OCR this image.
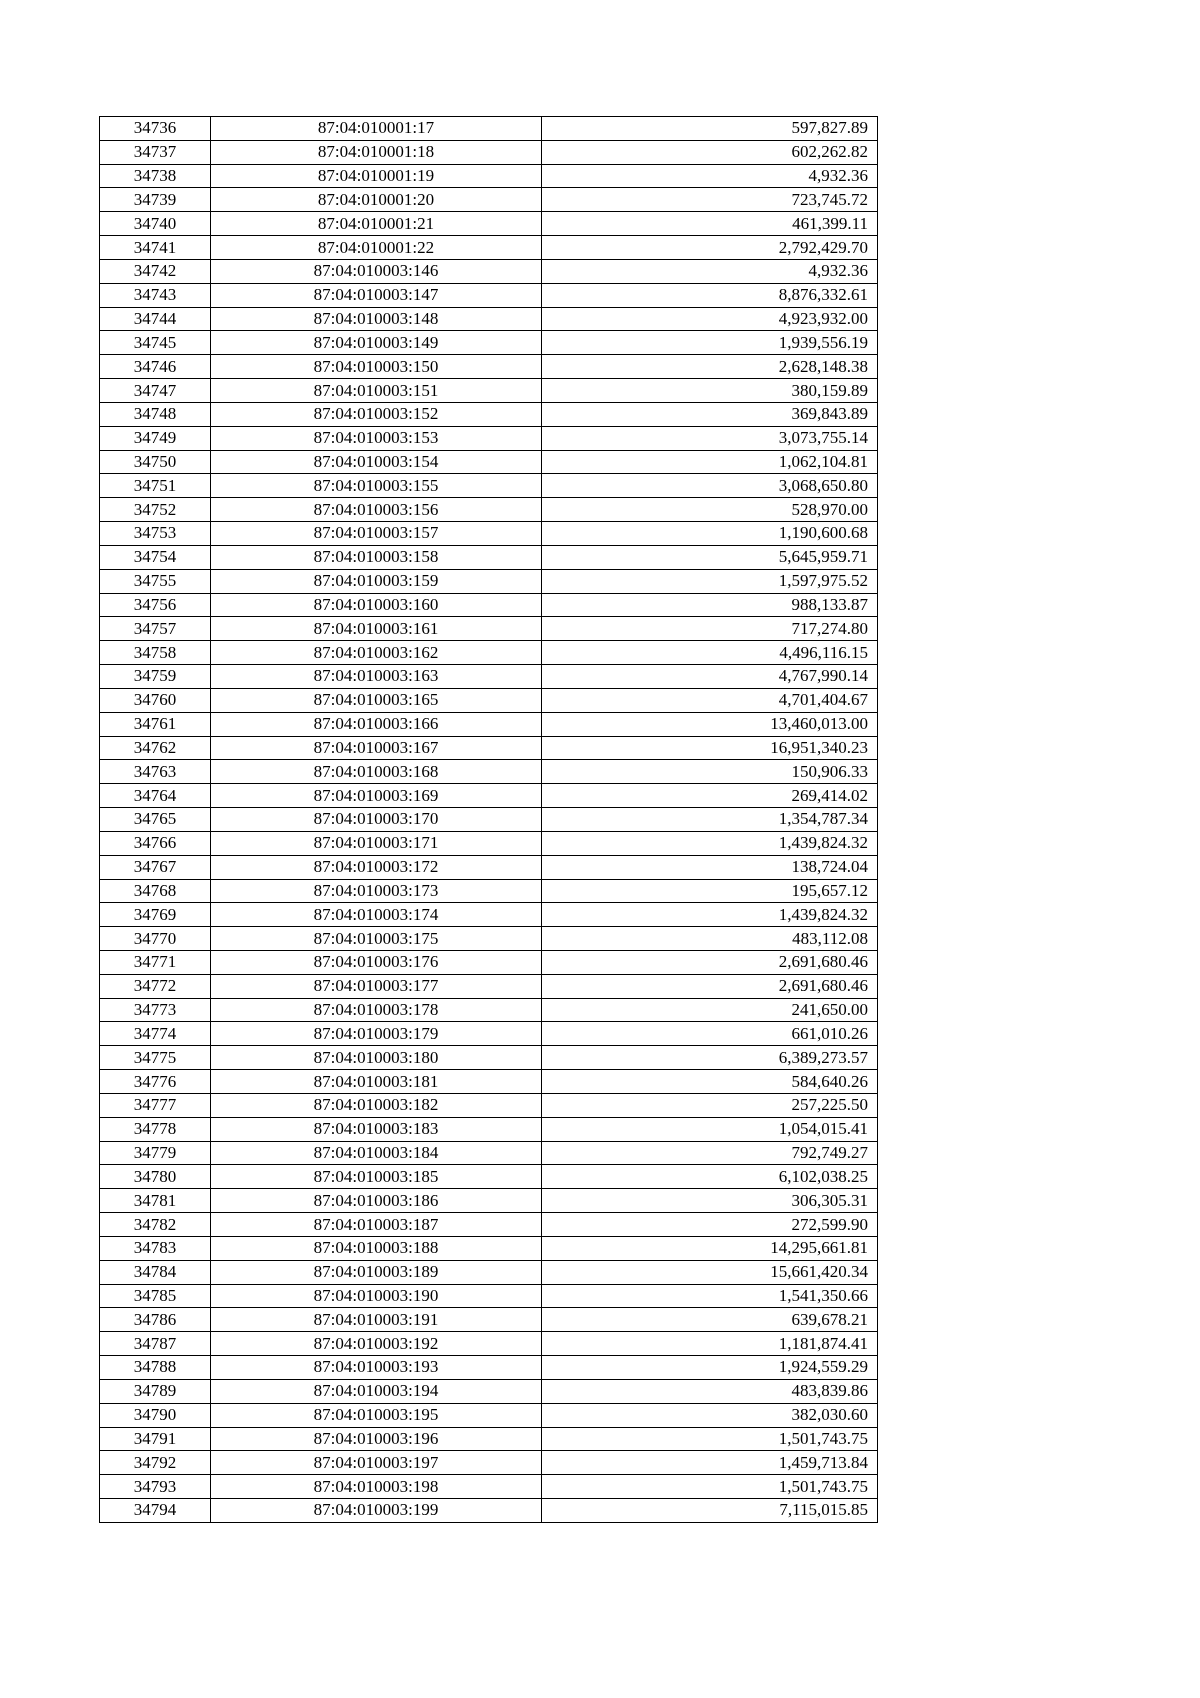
34736	87:04:010001:17	597,827.89
34737	87:04:010001:18	602,262.82
34738	87:04:010001:19	4,932.36
34739	87:04:010001:20	723,745.72
34740	87:04:010001:21	461,399.11
34741	87:04:010001:22	2,792,429.70
34742	87:04:010003:146	4,932.36
34743	87:04:010003:147	8,876,332.61
34744	87:04:010003:148	4,923,932.00
34745	87:04:010003:149	1,939,556.19
34746	87:04:010003:150	2,628,148.38
34747	87:04:010003:151	380,159.89
34748	87:04:010003:152	369,843.89
34749	87:04:010003:153	3,073,755.14
34750	87:04:010003:154	1,062,104.81
34751	87:04:010003:155	3,068,650.80
34752	87:04:010003:156	528,970.00
34753	87:04:010003:157	1,190,600.68
34754	87:04:010003:158	5,645,959.71
34755	87:04:010003:159	1,597,975.52
34756	87:04:010003:160	988,133.87
34757	87:04:010003:161	717,274.80
34758	87:04:010003:162	4,496,116.15
34759	87:04:010003:163	4,767,990.14
34760	87:04:010003:165	4,701,404.67
34761	87:04:010003:166	13,460,013.00
34762	87:04:010003:167	16,951,340.23
34763	87:04:010003:168	150,906.33
34764	87:04:010003:169	269,414.02
34765	87:04:010003:170	1,354,787.34
34766	87:04:010003:171	1,439,824.32
34767	87:04:010003:172	138,724.04
34768	87:04:010003:173	195,657.12
34769	87:04:010003:174	1,439,824.32
34770	87:04:010003:175	483,112.08
34771	87:04:010003:176	2,691,680.46
34772	87:04:010003:177	2,691,680.46
34773	87:04:010003:178	241,650.00
34774	87:04:010003:179	661,010.26
34775	87:04:010003:180	6,389,273.57
34776	87:04:010003:181	584,640.26
34777	87:04:010003:182	257,225.50
34778	87:04:010003:183	1,054,015.41
34779	87:04:010003:184	792,749.27
34780	87:04:010003:185	6,102,038.25
34781	87:04:010003:186	306,305.31
34782	87:04:010003:187	272,599.90
34783	87:04:010003:188	14,295,661.81
34784	87:04:010003:189	15,661,420.34
34785	87:04:010003:190	1,541,350.66
34786	87:04:010003:191	639,678.21
34787	87:04:010003:192	1,181,874.41
34788	87:04:010003:193	1,924,559.29
34789	87:04:010003:194	483,839.86
34790	87:04:010003:195	382,030.60
34791	87:04:010003:196	1,501,743.75
34792	87:04:010003:197	1,459,713.84
34793	87:04:010003:198	1,501,743.75
34794	87:04:010003:199	7,115,015.85
